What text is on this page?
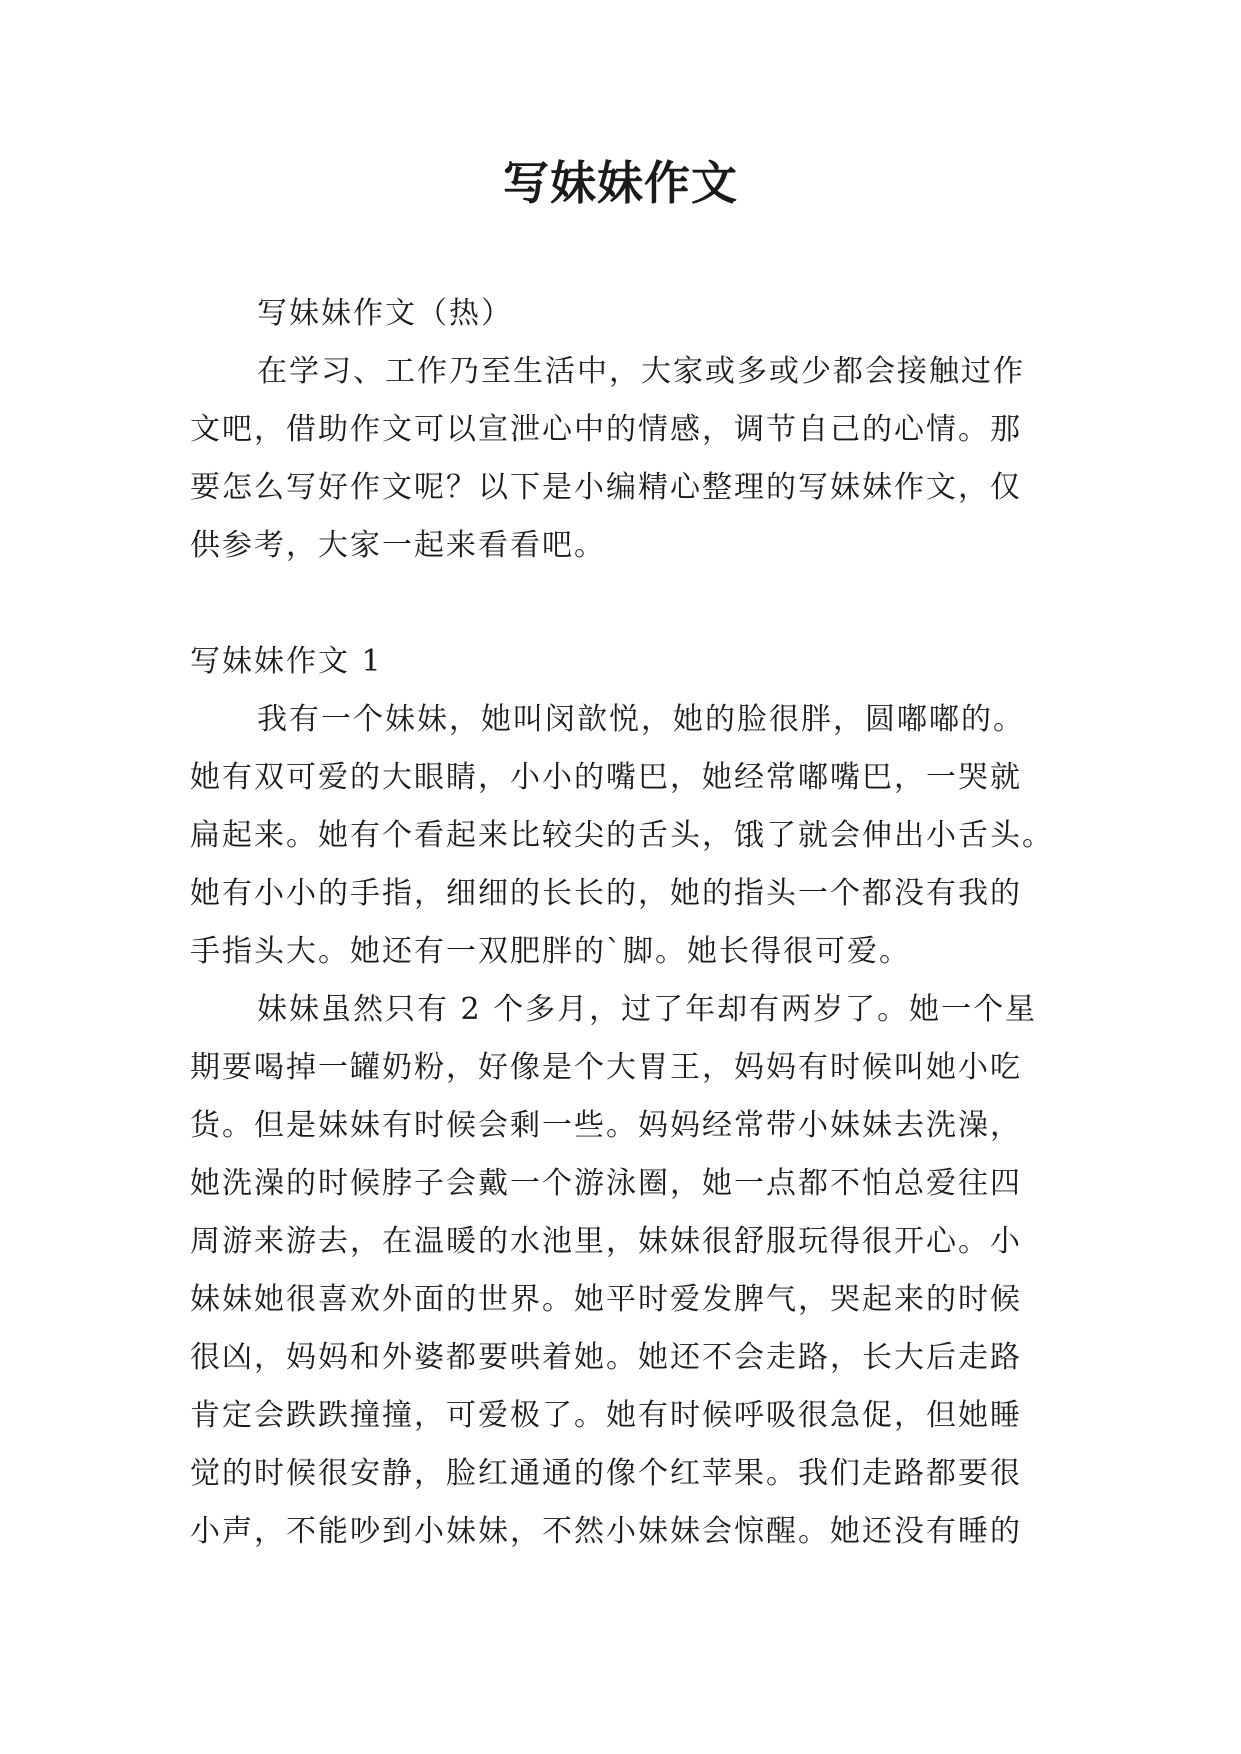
写妹妹作文
写妹妹作文（热）
在学习、工作乃至生活中，大家或多或少都会接触过作
文吧，借助作文可以宣泄心中的情感，调节自己的心情。那
要怎么写好作文呢？以下是小编精心整理的写妹妹作文，仅
供参考，大家一起来看看吧。
写妹妹作文 1
我有一个妹妹，她叫闵歆悦，她的脸很胖，圆嘟嘟的。
她有双可爱的大眼睛，小小的嘴巴，她经常嘟嘴巴，一哭就
扁起来。她有个看起来比较尖的舌头，饿了就会伸出小舌头。
她有小小的手指，细细的长长的，她的指头一个都没有我的
手指头大。她还有一双肥胖的`脚。她长得很可爱。
妹妹虽然只有 2 个多月，过了年却有两岁了。她一个星
期要喝掉一罐奶粉，好像是个大胃王，妈妈有时候叫她小吃
货。但是妹妹有时候会剩一些。妈妈经常带小妹妹去洗澡，
她洗澡的时候脖子会戴一个游泳圈，她一点都不怕总爱往四
周游来游去，在温暖的水池里，妹妹很舒服玩得很开心。小
妹妹她很喜欢外面的世界。她平时爱发脾气，哭起来的时候
很凶，妈妈和外婆都要哄着她。她还不会走路，长大后走路
肯定会跌跌撞撞，可爱极了。她有时候呼吸很急促，但她睡
觉的时候很安静，脸红通通的像个红苹果。我们走路都要很
小声，不能吵到小妹妹，不然小妹妹会惊醒。她还没有睡的
